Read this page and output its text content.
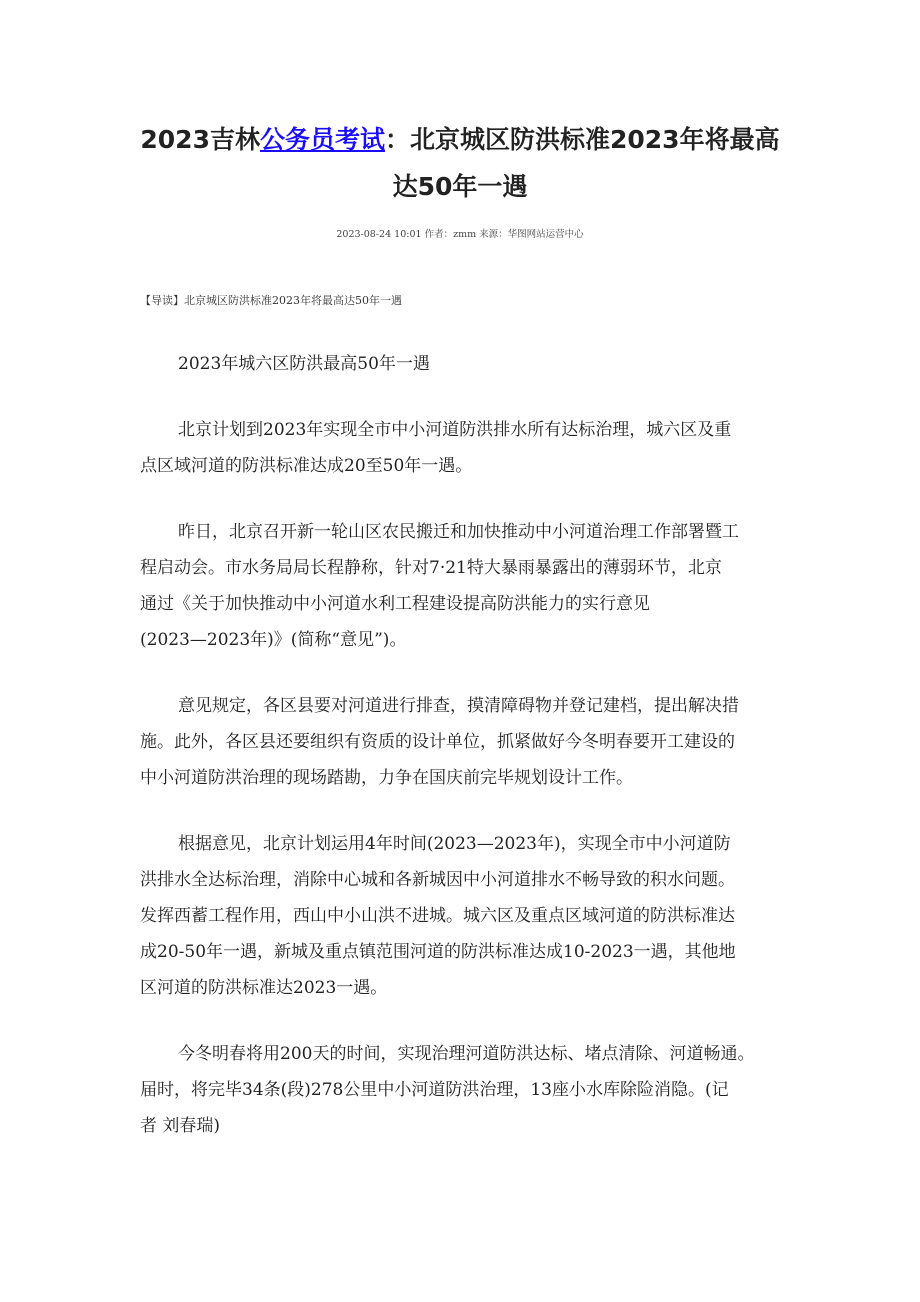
2023吉林公务员考试：北京城区防洪标准2023年将最高
达50年一遇
2023-08-24 10:01 作者：zmm 来源：华图网站运营中心
【导读】北京城区防洪标准2023年将最高达50年一遇
2023年城六区防洪最高50年一遇
北京计划到2023年实现全市中小河道防洪排水所有达标治理，城六区及重
点区域河道的防洪标准达成20至50年一遇。
昨日，北京召开新一轮山区农民搬迁和加快推动中小河道治理工作部署暨工
程启动会。市水务局局长程静称，针对7·21特大暴雨暴露出的薄弱环节，北京
通过《关于加快推动中小河道水利工程建设提高防洪能力的实行意见
(2023—2023年)》(简称“意见”)。
意见规定，各区县要对河道进行排查，摸清障碍物并登记建档，提出解决措
施。此外，各区县还要组织有资质的设计单位，抓紧做好今冬明春要开工建设的
中小河道防洪治理的现场踏勘，力争在国庆前完毕规划设计工作。
根据意见，北京计划运用4年时间(2023—2023年)，实现全市中小河道防
洪排水全达标治理，消除中心城和各新城因中小河道排水不畅导致的积水问题。
发挥西蓄工程作用，西山中小山洪不进城。城六区及重点区域河道的防洪标准达
成20-50年一遇，新城及重点镇范围河道的防洪标准达成10-2023一遇，其他地
区河道的防洪标准达2023一遇。
今冬明春将用200天的时间，实现治理河道防洪达标、堵点清除、河道畅通。
届时，将完毕34条(段)278公里中小河道防洪治理，13座小水库除险消隐。(记
者 刘春瑞)
